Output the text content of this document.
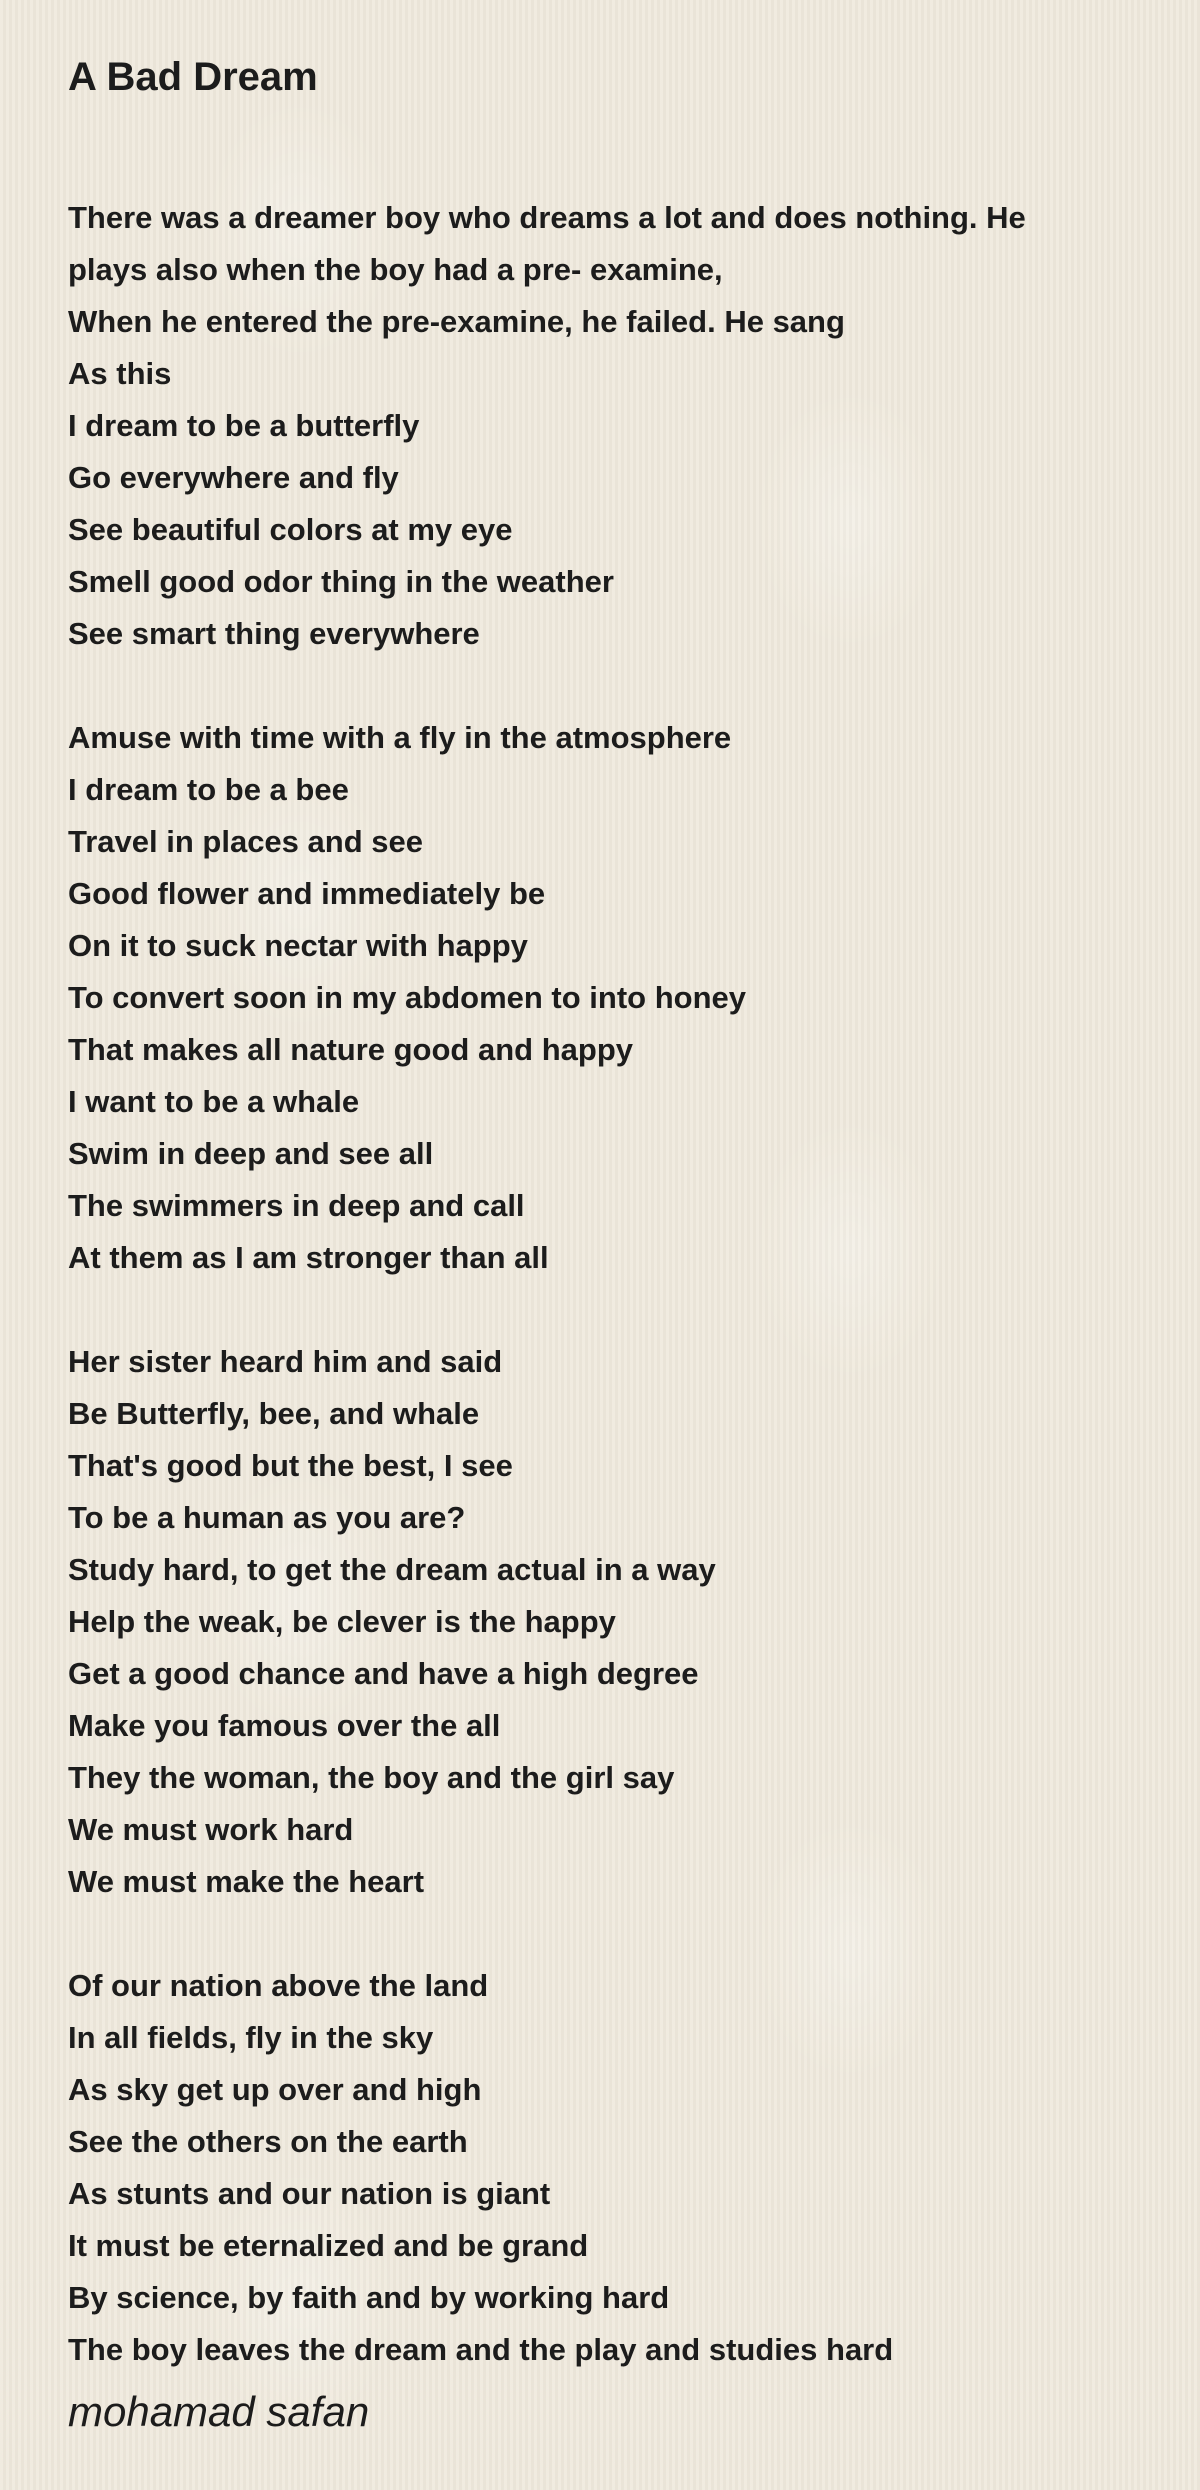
A Bad Dream
There was a dreamer boy who dreams a lot and does nothing. He
plays also when the boy had a pre- examine,
When he entered the pre-examine, he failed. He sang
As this
I dream to be a butterfly
Go everywhere and fly
See beautiful colors at my eye
Smell good odor thing in the weather
See smart thing everywhere
Amuse with time with a fly in the atmosphere
I dream to be a bee
Travel in places and see
Good flower and immediately be
On it to suck nectar with happy
To convert soon in my abdomen to into honey
That makes all nature good and happy
I want to be a whale
Swim in deep and see all
The swimmers in deep and call
At them as I am stronger than all
Her sister heard him and said
Be Butterfly, bee, and whale
That's good but the best, I see
To be a human as you are?
Study hard, to get the dream actual in a way
Help the weak, be clever is the happy
Get a good chance and have a high degree
Make you famous over the all
They the woman, the boy and the girl say
We must work hard
We must make the heart
Of our nation above the land
In all fields, fly in the sky
As sky get up over and high
See the others on the earth
As stunts and our nation is giant
It must be eternalized and be grand
By science, by faith and by working hard
The boy leaves the dream and the play and studies hard

mohamad safan
